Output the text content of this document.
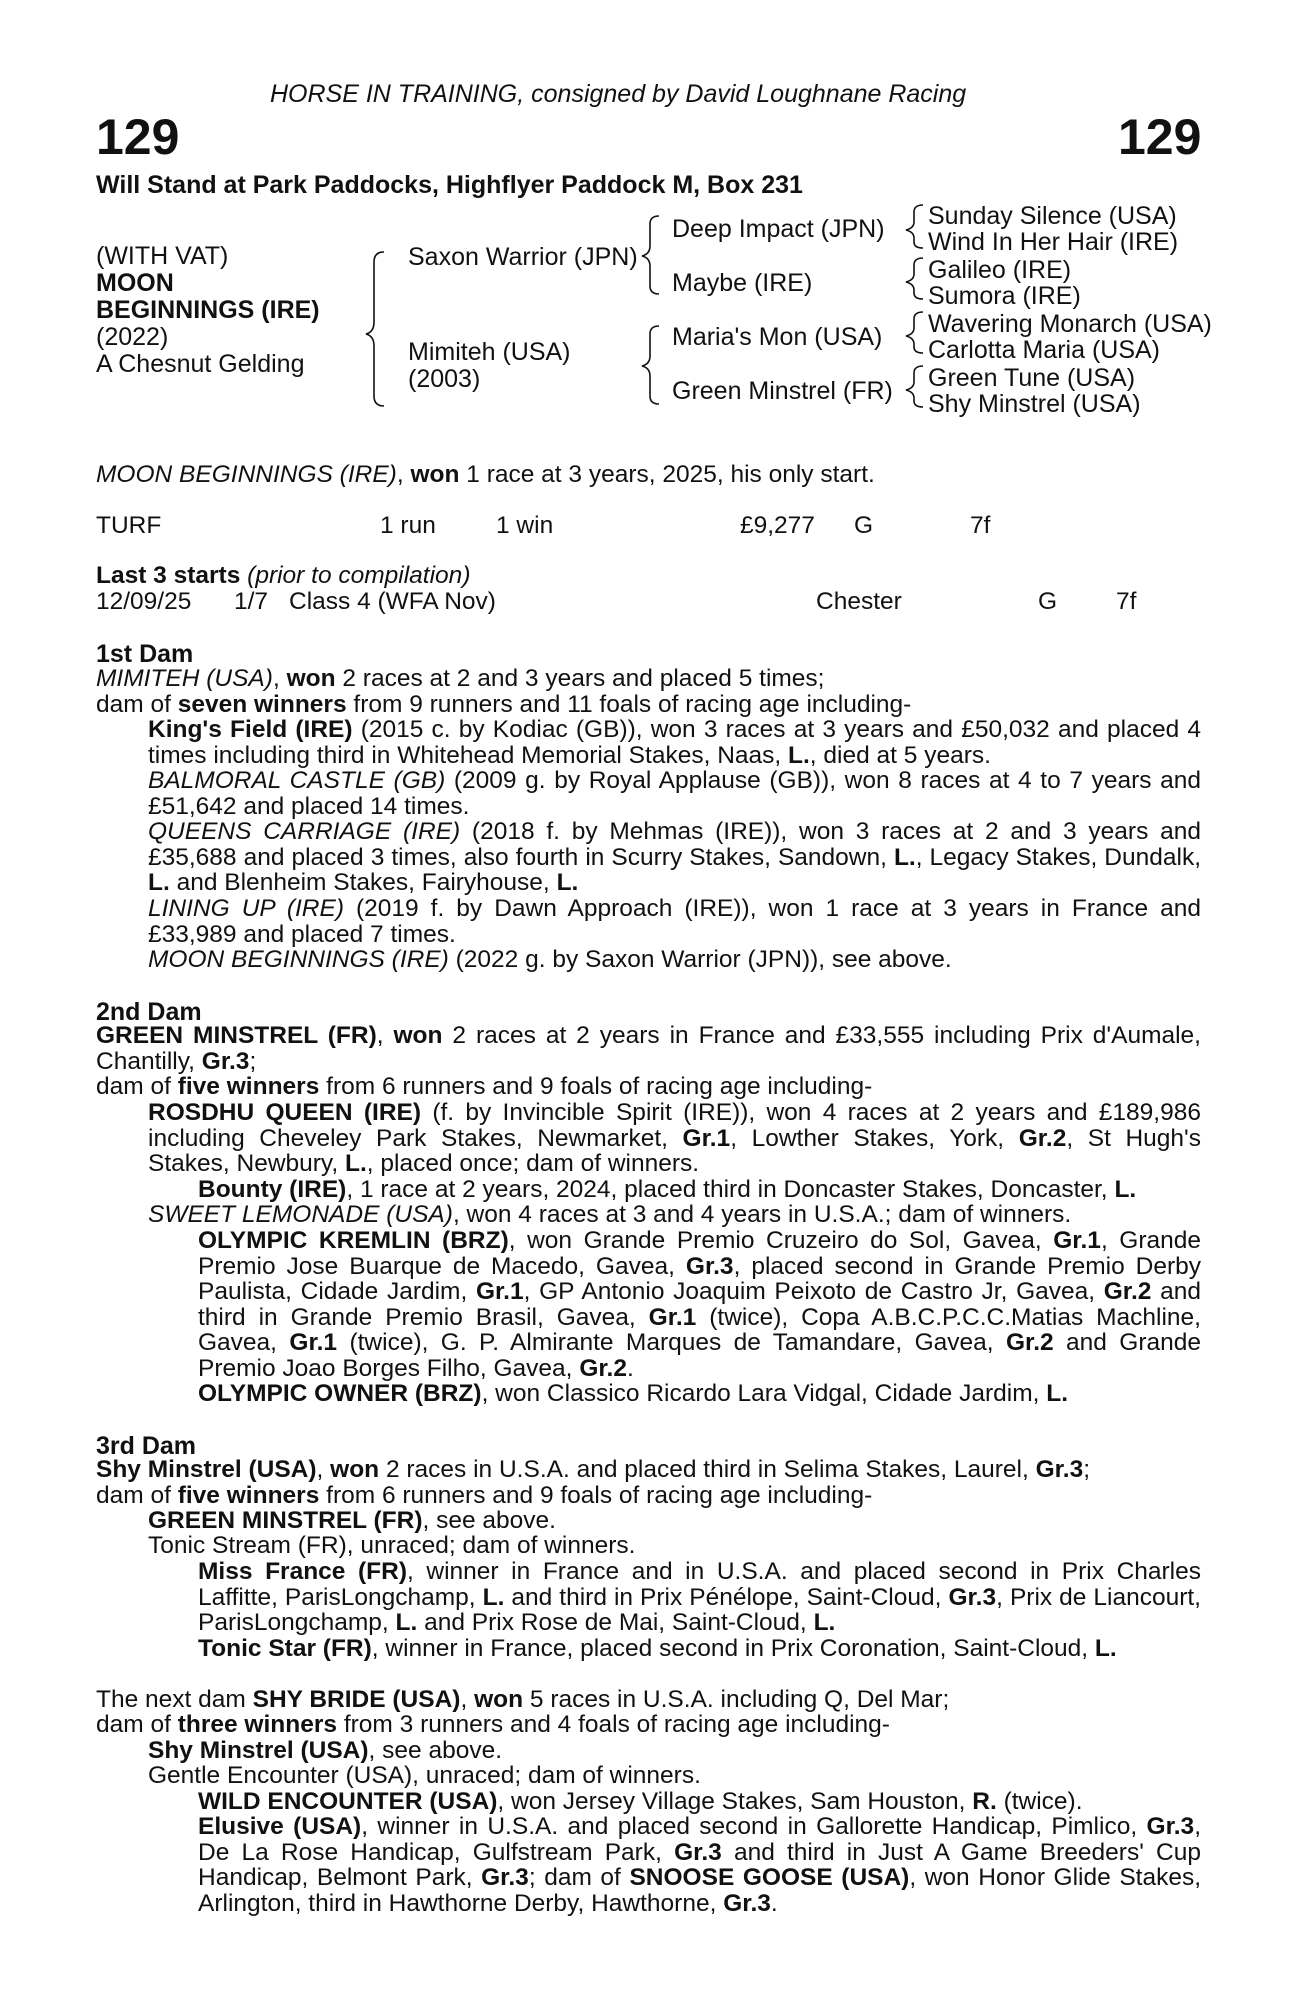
HORSE IN TRAINING, consigned by David Loughnane Racing
129	129
Will Stand at Park Paddocks, Highflyer Paddock M, Box 231
(WITH VAT)
MOON
BEGINNINGS (IRE)
(2022)
A Chesnut Gelding
Saxon Warrior (JPN)
Mimiteh (USA)
(2003)
Deep Impact (JPN)
Maybe (IRE)
Maria's Mon (USA)
Green Minstrel (FR)
Sunday Silence (USA)
Wind In Her Hair (IRE)
Galileo (IRE)
Sumora (IRE)
Wavering Monarch (USA)
Carlotta Maria (USA)
Green Tune (USA)
Shy Minstrel (USA)
MOON BEGINNINGS (IRE), won 1 race at 3 years, 2025, his only start.
TURF	1 run 1 win	£9,277 G	7f
Last 3 starts (prior to compilation)
12/09/25 1/7 Class 4 (WFA Nov)	Chester	G 7f
1st Dam
MIMITEH (USA), won 2 races at 2 and 3 years and placed 5 times;
dam of seven winners from 9 runners and 11 foals of racing age including-
King's Field (IRE) (2015 c. by Kodiac (GB)), won 3 races at 3 years and £50,032 and placed 4 times including third in Whitehead Memorial Stakes, Naas, L., died at 5 years.
BALMORAL CASTLE (GB) (2009 g. by Royal Applause (GB)), won 8 races at 4 to 7 years and £51,642 and placed 14 times.
QUEENS CARRIAGE (IRE) (2018 f. by Mehmas (IRE)), won 3 races at 2 and 3 years and £35,688 and placed 3 times, also fourth in Scurry Stakes, Sandown, L., Legacy Stakes, Dundalk, L. and Blenheim Stakes, Fairyhouse, L.
LINING UP (IRE) (2019 f. by Dawn Approach (IRE)), won 1 race at 3 years in France and £33,989 and placed 7 times.
MOON BEGINNINGS (IRE) (2022 g. by Saxon Warrior (JPN)), see above.
2nd Dam
GREEN MINSTREL (FR), won 2 races at 2 years in France and £33,555 including Prix d'Aumale, Chantilly, Gr.3;
dam of five winners from 6 runners and 9 foals of racing age including-
ROSDHU QUEEN (IRE) (f. by Invincible Spirit (IRE)), won 4 races at 2 years and £189,986 including Cheveley Park Stakes, Newmarket, Gr.1, Lowther Stakes, York, Gr.2, St Hugh's Stakes, Newbury, L., placed once; dam of winners.
Bounty (IRE), 1 race at 2 years, 2024, placed third in Doncaster Stakes, Doncaster, L.
SWEET LEMONADE (USA), won 4 races at 3 and 4 years in U.S.A.; dam of winners.
OLYMPIC KREMLIN (BRZ), won Grande Premio Cruzeiro do Sol, Gavea, Gr.1, Grande Premio Jose Buarque de Macedo, Gavea, Gr.3, placed second in Grande Premio Derby Paulista, Cidade Jardim, Gr.1, GP Antonio Joaquim Peixoto de Castro Jr, Gavea, Gr.2 and third in Grande Premio Brasil, Gavea, Gr.1 (twice), Copa A.B.C.P.C.C.Matias Machline, Gavea, Gr.1 (twice), G. P. Almirante Marques de Tamandare, Gavea, Gr.2 and Grande Premio Joao Borges Filho, Gavea, Gr.2.
OLYMPIC OWNER (BRZ), won Classico Ricardo Lara Vidgal, Cidade Jardim, L.
3rd Dam
Shy Minstrel (USA), won 2 races in U.S.A. and placed third in Selima Stakes, Laurel, Gr.3;
dam of five winners from 6 runners and 9 foals of racing age including-
GREEN MINSTREL (FR), see above.
Tonic Stream (FR), unraced; dam of winners.
Miss France (FR), winner in France and in U.S.A. and placed second in Prix Charles Laffitte, ParisLongchamp, L. and third in Prix Pénélope, Saint-Cloud, Gr.3, Prix de Liancourt, ParisLongchamp, L. and Prix Rose de Mai, Saint-Cloud, L.
Tonic Star (FR), winner in France, placed second in Prix Coronation, Saint-Cloud, L.
The next dam SHY BRIDE (USA), won 5 races in U.S.A. including Q, Del Mar;
dam of three winners from 3 runners and 4 foals of racing age including-
Shy Minstrel (USA), see above.
Gentle Encounter (USA), unraced; dam of winners.
WILD ENCOUNTER (USA), won Jersey Village Stakes, Sam Houston, R. (twice).
Elusive (USA), winner in U.S.A. and placed second in Gallorette Handicap, Pimlico, Gr.3, De La Rose Handicap, Gulfstream Park, Gr.3 and third in Just A Game Breeders' Cup Handicap, Belmont Park, Gr.3; dam of SNOOSE GOOSE (USA), won Honor Glide Stakes, Arlington, third in Hawthorne Derby, Hawthorne, Gr.3.
